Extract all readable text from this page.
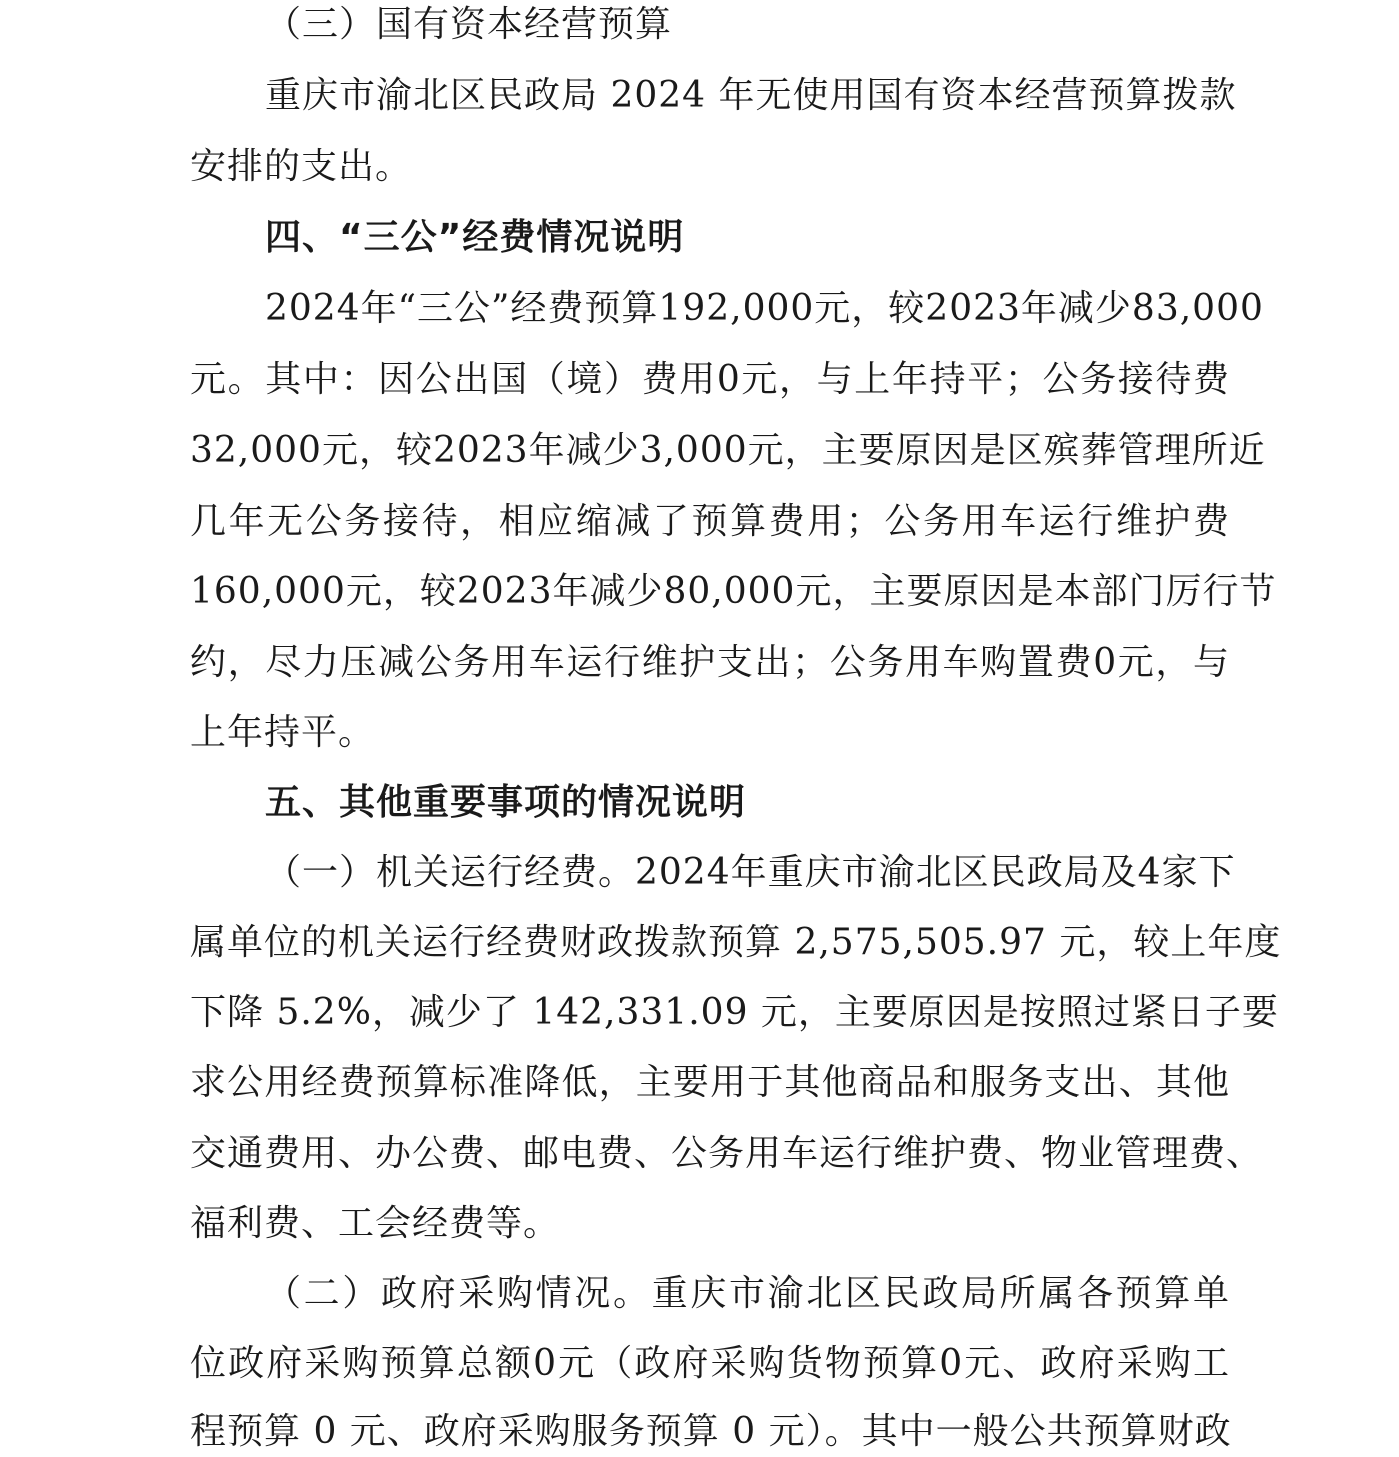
（三）国有资本经营预算
重庆市渝北区民政局 2024 年无使用国有资本经营预算拨款
安排的支出。
四、“三公”经费情况说明
2024年“三公”经费预算192,000元，较2023年减少83,000
元。其中：因公出国（境）费用0元，与上年持平；公务接待费
32,000元，较2023年减少3,000元，主要原因是区殡葬管理所近
几年无公务接待，相应缩减了预算费用；公务用车运行维护费
160,000元，较2023年减少80,000元，主要原因是本部门厉行节
约，尽力压减公务用车运行维护支出；公务用车购置费0元，与
上年持平。
五、其他重要事项的情况说明
（一）机关运行经费。2024年重庆市渝北区民政局及4家下
属单位的机关运行经费财政拨款预算 2,575,505.97 元，较上年度
下降 5.2%，减少了 142,331.09 元，主要原因是按照过紧日子要
求公用经费预算标准降低，主要用于其他商品和服务支出、其他
交通费用、办公费、邮电费、公务用车运行维护费、物业管理费、
福利费、工会经费等。
（二）政府采购情况。重庆市渝北区民政局所属各预算单
位政府采购预算总额0元（政府采购货物预算0元、政府采购工
程预算 0 元、政府采购服务预算 0 元）。其中一般公共预算财政
